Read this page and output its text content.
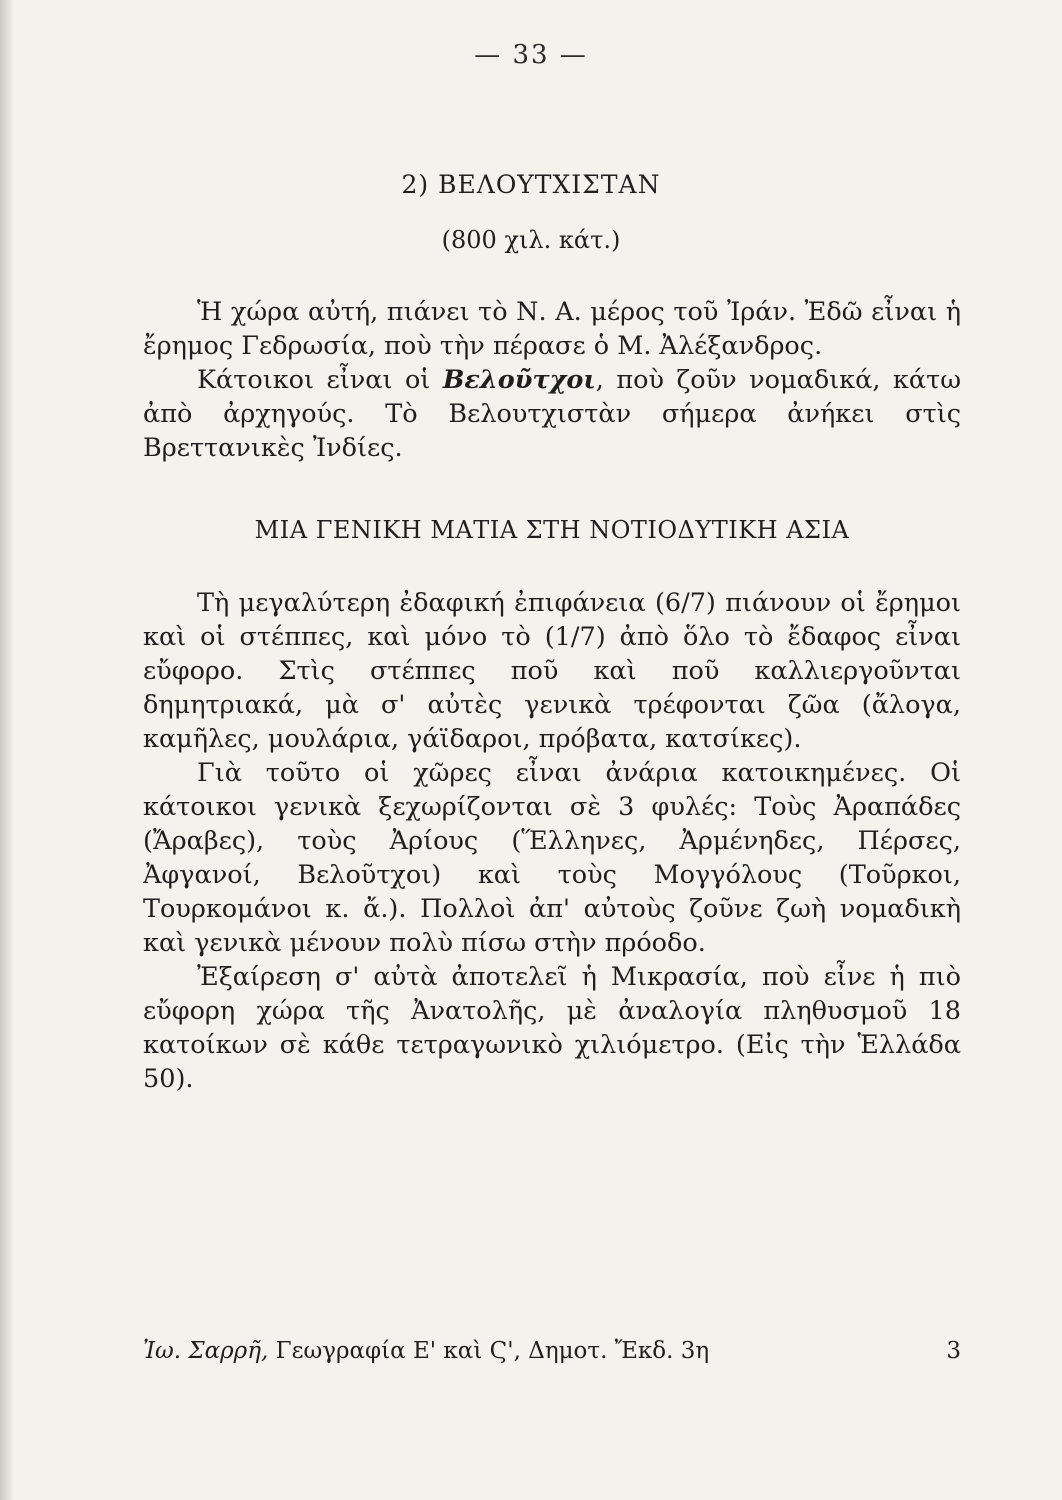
— 33 —
2) ΒΕΛΟΥΤΧΙΣΤΑΝ
(800 χιλ. κάτ.)

Ἡ χώρα αὐτή, πιάνει τὸ Ν. Α. μέρος τοῦ Ἰράν. Ἐδῶ εἶναι ἡ ἔρημος Γεδρωσία, ποὺ τὴν πέρασε ὁ Μ. Ἀλέξανδρος.

Κάτοικοι εἶναι οἱ Βελοῦτχοι, ποὺ ζοῦν νομαδικά, κάτω ἀπὸ ἀρχηγούς. Τὸ Βελουτχιστὰν σήμερα ἀνήκει στὶς Βρεττανικὲς Ἰνδίες.

ΜΙΑ ΓΕΝΙΚΗ ΜΑΤΙΑ ΣΤΗ ΝΟΤΙΟΔΥΤΙΚΗ ΑΣΙΑ

Τὴ μεγαλύτερη ἐδαφική ἐπιφάνεια (6/7) πιάνουν οἱ ἔρημοι καὶ οἱ στέππες, καὶ μόνο τὸ (1/7) ἀπὸ ὅλο τὸ ἔδαφος εἶναι εὔφορο. Στὶς στέππες ποῦ καὶ ποῦ καλλιεργοῦνται δημητριακά, μὰ σ' αὐτὲς γενικὰ τρέφονται ζῶα (ἄλογα, καμῆλες, μουλάρια, γάϊδαροι, πρόβατα, κατσίκες).

Γιὰ τοῦτο οἱ χῶρες εἶναι ἀνάρια κατοικημένες. Οἱ κάτοικοι γενικὰ ξεχωρίζονται σὲ 3 φυλές: Τοὺς Ἀραπάδες (Ἄραβες), τοὺς Ἀρίους (Ἕλληνες, Ἀρμένηδες, Πέρσες, Ἀφγανοί, Βελοῦτχοι) καὶ τοὺς Μογγόλους (Τοῦρκοι, Τουρκομάνοι κ. ἄ.). Πολλοὶ ἀπ' αὐτοὺς ζοῦνε ζωὴ νομαδικὴ καὶ γενικὰ μένουν πολὺ πίσω στὴν πρόοδο.

Ἐξαίρεση σ' αὐτὰ ἀποτελεῖ ἡ Μικρασία, ποὺ εἶνε ἡ πιὸ εὔφορη χώρα τῆς Ἀνατολῆς, μὲ ἀναλογία πληθυσμοῦ 18 κατοίκων σὲ κάθε τετραγωνικὸ χιλιόμετρο. (Εἰς τὴν Ἑλλάδα 50).

Ἰω. Σαρρῆ, Γεωγραφία Ε' καὶ Ϛ', Δημοτ. Ἔκδ. 3η	3
